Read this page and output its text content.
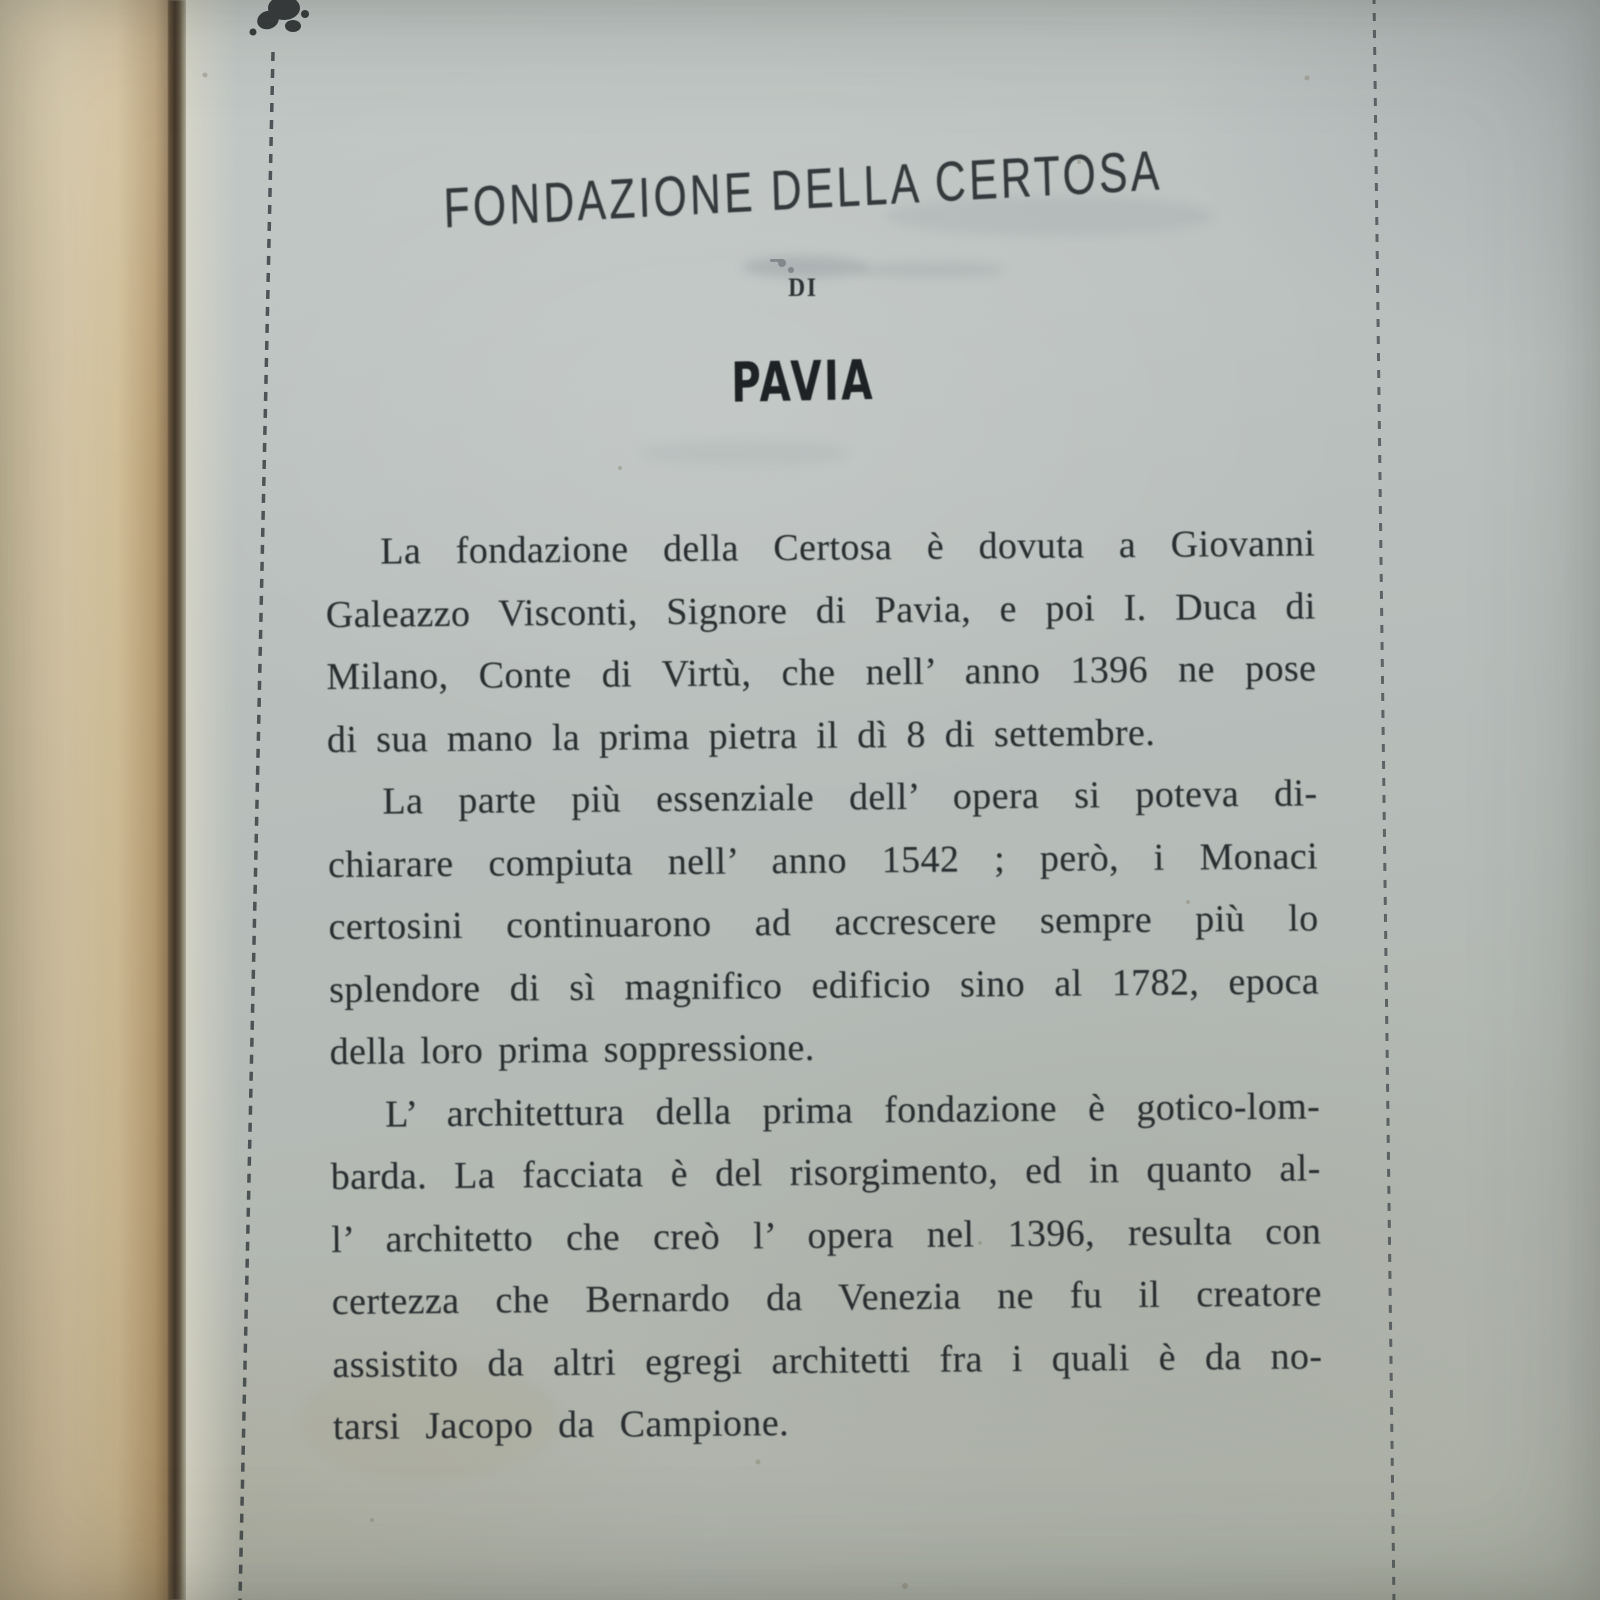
FONDAZIONE DELLA CERTOSA
DI
PAVIA

La fondazione della Certosa è dovuta a Giovanni
Galeazzo Visconti, Signore di Pavia, e poi I. Duca di
Milano, Conte di Virtù, che nell’ anno 1396 ne pose
di sua mano la prima pietra il dì 8 di settembre.

La parte più essenziale dell’ opera si poteva di-
chiarare compiuta nell’ anno 1542 ; però, i Monaci
certosini continuarono ad accrescere sempre più lo
splendore di sì magnifico edificio sino al 1782, epoca
della loro prima soppressione.

L’ architettura della prima fondazione è gotico-lom-
barda. La facciata è del risorgimento, ed in quanto al-
l’ architetto che creò l’ opera nel 1396, resulta con
certezza che Bernardo da Venezia ne fu il creatore
assistito da altri egregi architetti fra i quali è da no-
tarsi Jacopo da Campione.
